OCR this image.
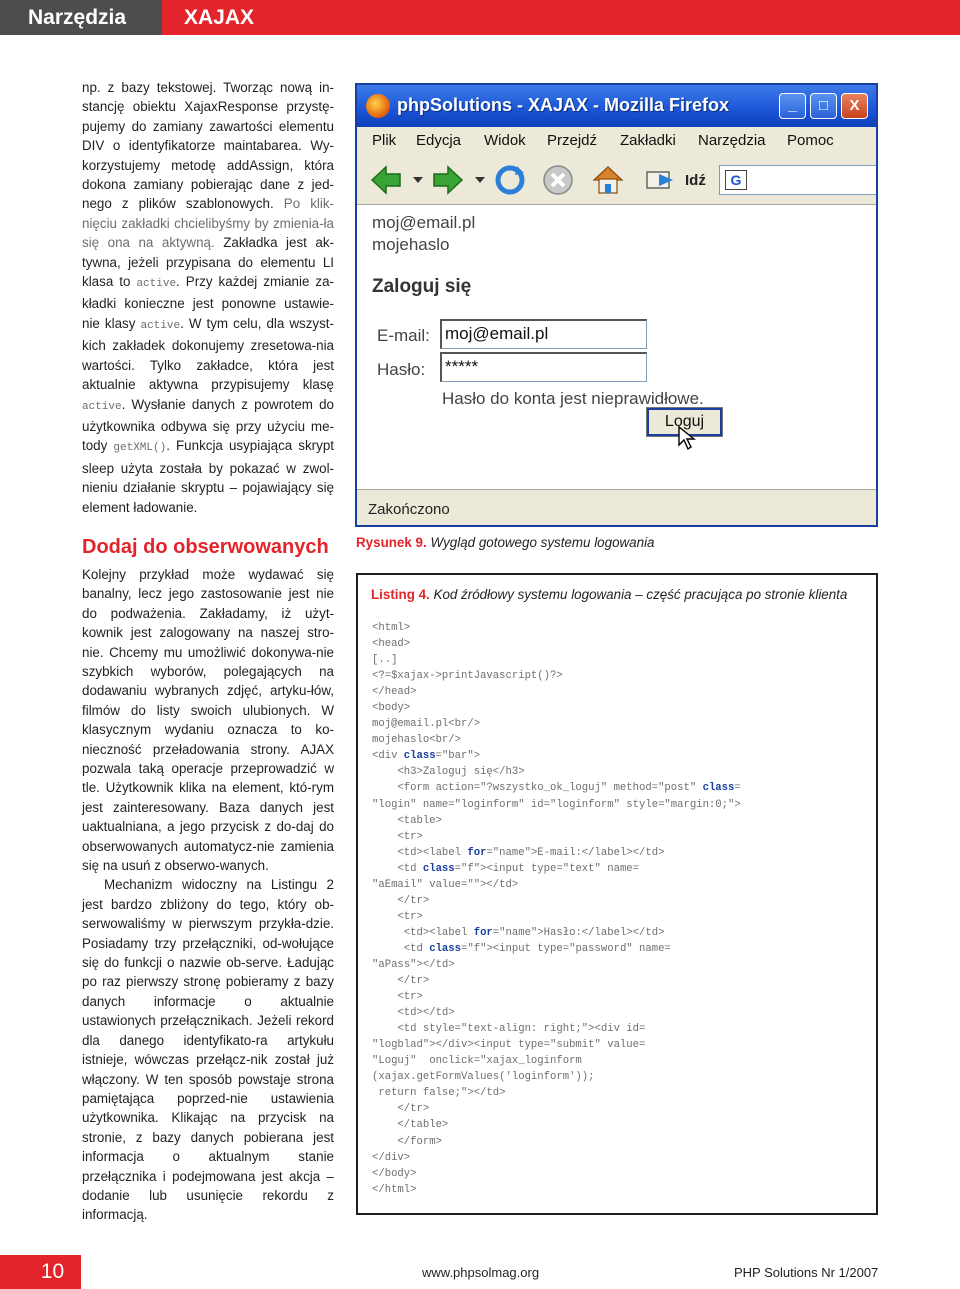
Narzędzia	XAJAX

np. z bazy tekstowej. Tworząc nową in-stancję obiektu XajaxResponse przystę-pujemy do zamiany zawartości elementu DIV o identyfikatorze maintabarea. Wy-korzystujemy metodę addAssign, która dokona zamiany pobierając dane z jed-nego z plików szablonowych. Po klik-nięciu zakładki chcielibyśmy by zmienia-ła się ona na aktywną. Zakładka jest ak-tywna, jeżeli przypisana do elementu LI klasa to active. Przy każdej zmianie za-kładki konieczne jest ponowne ustawie-nie klasy active. W tym celu, dla wszyst-kich zakładek dokonujemy zresetowa-nia wartości. Tylko zakładce, która jest aktualnie aktywna przypisujemy klasę active. Wysłanie danych z powrotem do użytkownika odbywa się przy użyciu me-tody getXML(). Funkcja usypiająca skrypt sleep użyta została by pokazać w zwol-nieniu działanie skryptu – pojawiający się element ładowanie.

Dodaj do obserwowanych

Kolejny przykład może wydawać się banalny, lecz jego zastosowanie jest nie do podważenia. Zakładamy, iż użyt-kownik jest zalogowany na naszej stro-nie. Chcemy mu umożliwić dokonywa-nie szybkich wyborów, polegających na dodawaniu wybranych zdjęć, artyku-łów, filmów do listy swoich ulubionych. W klasycznym wydaniu oznacza to ko-nieczność przeładowania strony. AJAX pozwala taką operacje przeprowadzić w tle. Użytkownik klika na element, któ-rym jest zainteresowany. Baza danych jest uaktualniana, a jego przycisk z do-daj do obserwowanych automatycz-nie zamienia się na usuń z obserwo-wanych.

Mechanizm widoczny na Listingu 2 jest bardzo zbliżony do tego, który ob-serwowaliśmy w pierwszym przykła-dzie. Posiadamy trzy przełączniki, od-wołujące się do funkcji o nazwie ob-serve. Ładując po raz pierwszy stronę pobieramy z bazy danych informacje o aktualnie ustawionych przełącznikach. Jeżeli rekord dla danego identyfikato-ra artykułu istnieje, wówczas przełącz-nik został już włączony. W ten sposób powstaje strona pamiętająca poprzed-nie ustawienia użytkownika. Klikając na przycisk na stronie, z bazy danych pobierana jest informacja o aktualnym stanie przełącznika i podejmowana jest akcja – dodanie lub usunięcie rekordu z informacją.

phpSolutions - XAJAX - Mozilla Firefox	_	□	X
Plik Edycja Widok Przejdź Zakładki Narzędzia Pomoc
Idź	G
moj@email.pl
mojehaslo
Zaloguj się
E-mail: moj@email.pl
Hasło: *****
Hasło do konta jest nieprawidłowe.
Loguj
Zakończono
Rysunek 9. Wygląd gotowego systemu logowania
Listing 4. Kod źródłowy systemu logowania – część pracująca po stronie klienta
<html>
<head>
[..]
<?=$xajax->printJavascript()?>
</head>
<body>
moj@email.pl<br/>
mojehaslo<br/>
<div class="bar">
<h3>Zaloguj się</h3>
<form action="?wszystko_ok_loguj" method="post" class=
"login" name="loginform" id="loginform" style="margin:0;">
<table>
<tr>
<td><label for="name">E-mail:</label></td>
<td class="f"><input type="text" name=
"aEmail" value=""></td>
</tr>
<tr>
<td><label for="name">Hasło:</label></td>
<td class="f"><input type="password" name=
"aPass"></td>
</tr>
<tr>
<td></td>
<td style="text-align: right;"><div id=
"logblad"></div><input type="submit" value=
"Loguj"  onclick="xajax_loginform
(xajax.getFormValues('loginform'));
return false;"></td>
</tr>
</table>
</form>
</div>
</body>
</html>
10	www.phpsolmag.org	PHP Solutions Nr 1/2007
